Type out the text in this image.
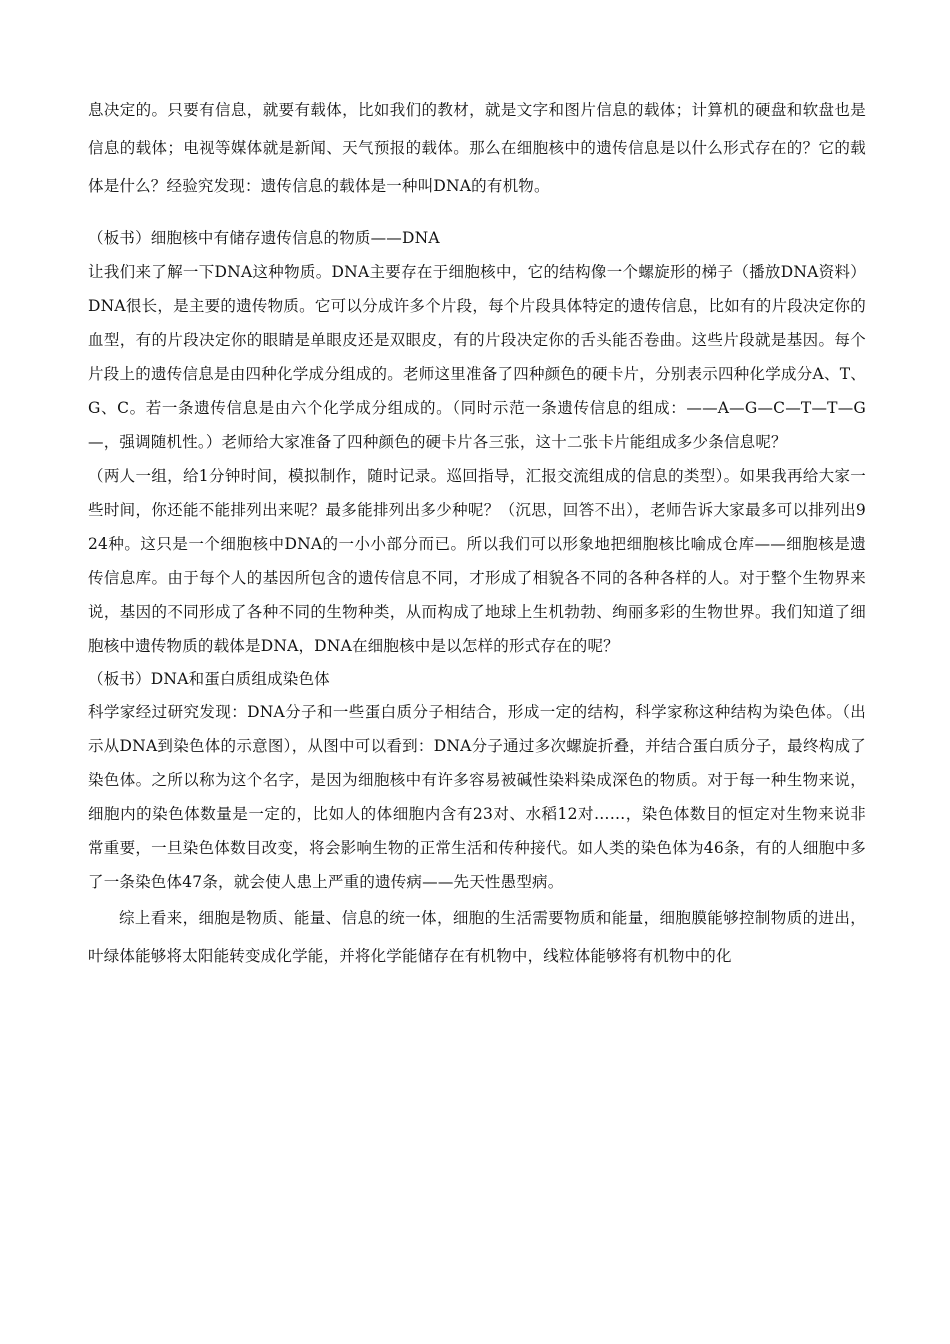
息决定的。只要有信息，就要有载体，比如我们的教材，就是文字和图片信息的载体；计算机的硬盘和软盘也是信息的载体；电视等媒体就是新闻、天气预报的载体。那么在细胞核中的遗传信息是以什么形式存在的？它的载体是什么？经验究发现：遗传信息的载体是一种叫DNA的有机物。

（板书）细胞核中有储存遗传信息的物质——DNA

让我们来了解一下DNA这种物质。DNA主要存在于细胞核中，它的结构像一个螺旋形的梯子（播放DNA资料）DNA很长，是主要的遗传物质。它可以分成许多个片段，每个片段具体特定的遗传信息，比如有的片段决定你的血型，有的片段决定你的眼睛是单眼皮还是双眼皮，有的片段决定你的舌头能否卷曲。这些片段就是基因。每个片段上的遗传信息是由四种化学成分组成的。老师这里准备了四种颜色的硬卡片，分别表示四种化学成分A、T、G、C。若一条遗传信息是由六个化学成分组成的。（同时示范一条遗传信息的组成：——A—G—C—T—T—G—，强调随机性。）老师给大家准备了四种颜色的硬卡片各三张，这十二张卡片能组成多少条信息呢？

（两人一组，给1分钟时间，模拟制作，随时记录。巡回指导，汇报交流组成的信息的类型）。如果我再给大家一些时间，你还能不能排列出来呢？最多能排列出多少种呢？（沉思，回答不出），老师告诉大家最多可以排列出924种。这只是一个细胞核中DNA的一小小部分而已。所以我们可以形象地把细胞核比喻成仓库——细胞核是遗传信息库。由于每个人的基因所包含的遗传信息不同，才形成了相貌各不同的各种各样的人。对于整个生物界来说，基因的不同形成了各种不同的生物种类，从而构成了地球上生机勃勃、绚丽多彩的生物世界。我们知道了细胞核中遗传物质的载体是DNA，DNA在细胞核中是以怎样的形式存在的呢？

（板书）DNA和蛋白质组成染色体

科学家经过研究发现：DNA分子和一些蛋白质分子相结合，形成一定的结构，科学家称这种结构为染色体。（出示从DNA到染色体的示意图），从图中可以看到：DNA分子通过多次螺旋折叠，并结合蛋白质分子，最终构成了染色体。之所以称为这个名字，是因为细胞核中有许多容易被碱性染料染成深色的物质。对于每一种生物来说，细胞内的染色体数量是一定的，比如人的体细胞内含有23对、水稻12对……，染色体数目的恒定对生物来说非常重要，一旦染色体数目改变，将会影响生物的正常生活和传种接代。如人类的染色体为46条，有的人细胞中多了一条染色体47条，就会使人患上严重的遗传病——先天性愚型病。

综上看来，细胞是物质、能量、信息的统一体，细胞的生活需要物质和能量，细胞膜能够控制物质的进出，叶绿体能够将太阳能转变成化学能，并将化学能储存在有机物中，线粒体能够将有机物中的化
